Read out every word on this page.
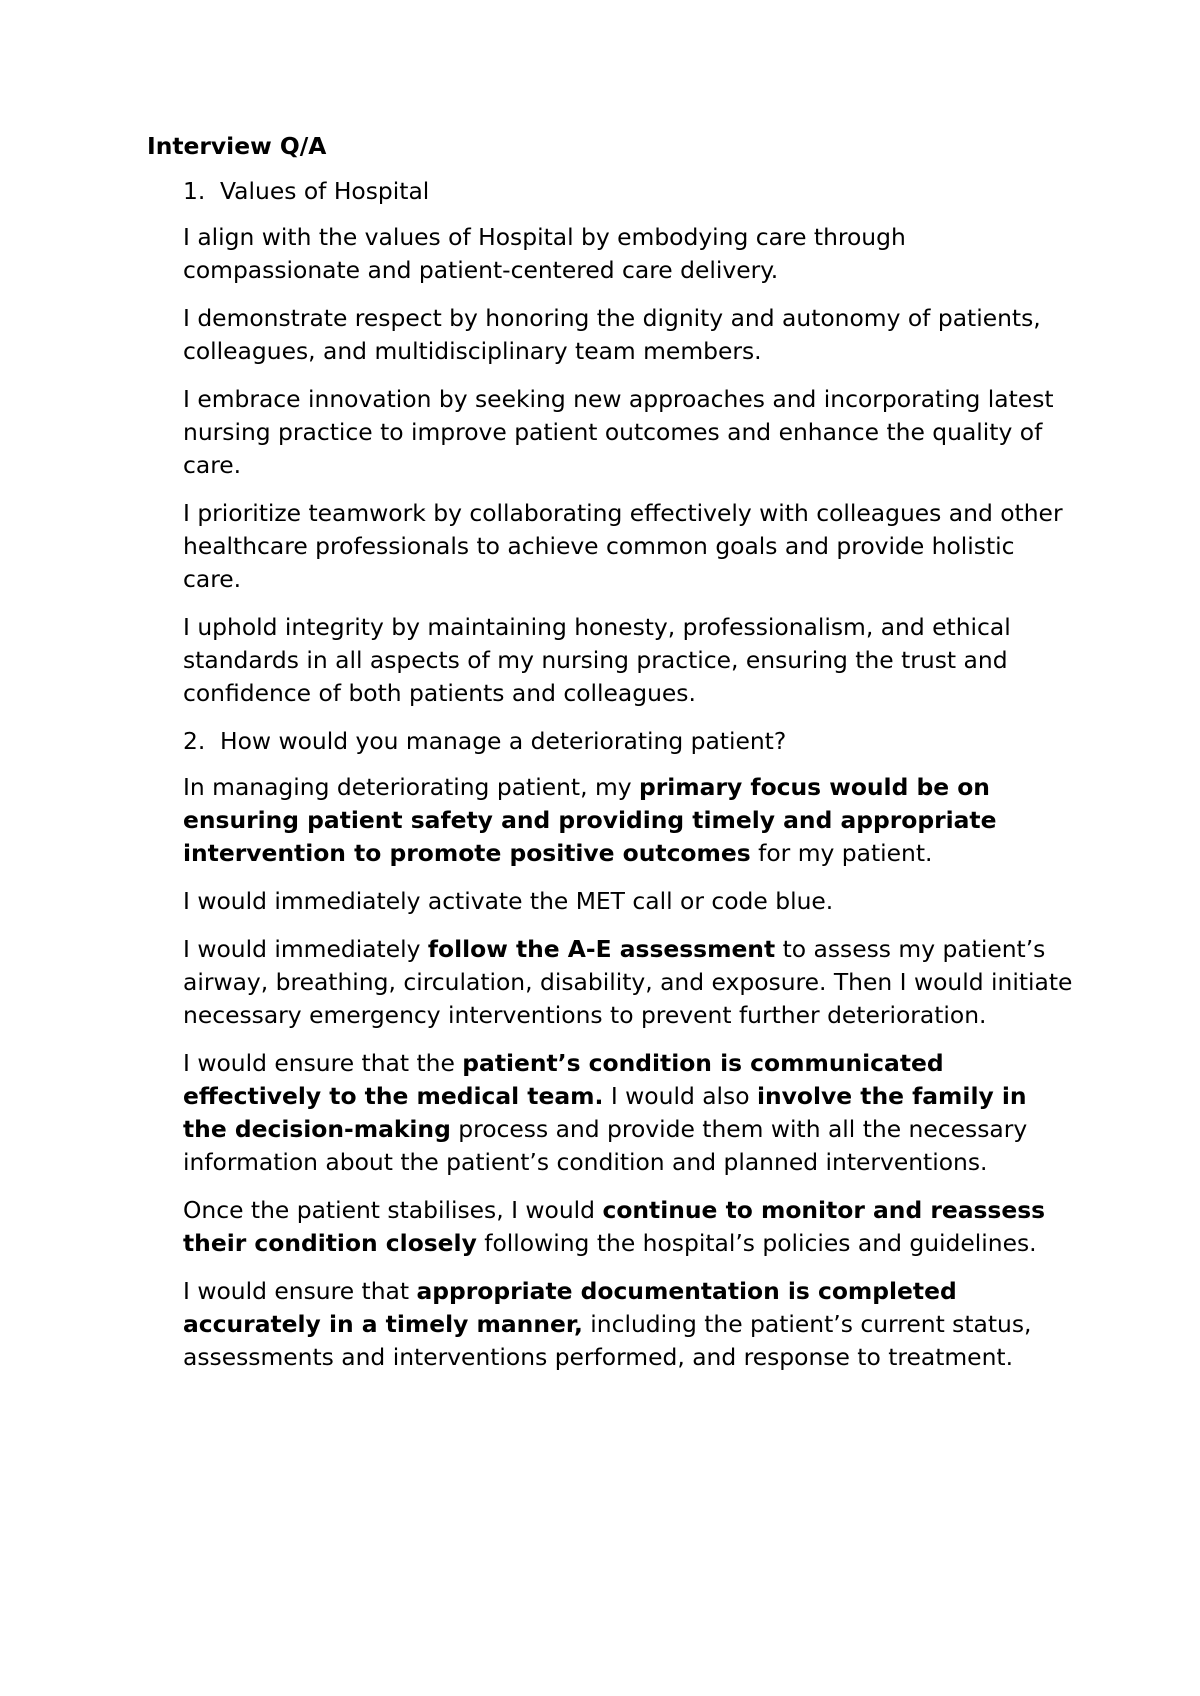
Interview Q/A
1. Values of Hospital

I align with the values of Hospital by embodying care through compassionate and patient-centered care delivery.

I demonstrate respect by honoring the dignity and autonomy of patients, colleagues, and multidisciplinary team members.

I embrace innovation by seeking new approaches and incorporating latest nursing practice to improve patient outcomes and enhance the quality of care.

I prioritize teamwork by collaborating effectively with colleagues and other healthcare professionals to achieve common goals and provide holistic care.

I uphold integrity by maintaining honesty, professionalism, and ethical standards in all aspects of my nursing practice, ensuring the trust and confidence of both patients and colleagues.

2. How would you manage a deteriorating patient?

In managing deteriorating patient, my primary focus would be on ensuring patient safety and providing timely and appropriate intervention to promote positive outcomes for my patient.

I would immediately activate the MET call or code blue.

I would immediately follow the A-E assessment to assess my patient’s airway, breathing, circulation, disability, and exposure. Then I would initiate necessary emergency interventions to prevent further deterioration.

I would ensure that the patient’s condition is communicated effectively to the medical team. I would also involve the family in the decision-making process and provide them with all the necessary information about the patient’s condition and planned interventions.

Once the patient stabilises, I would continue to monitor and reassess their condition closely following the hospital’s policies and guidelines.

I would ensure that appropriate documentation is completed accurately in a timely manner, including the patient’s current status, assessments and interventions performed, and response to treatment.
